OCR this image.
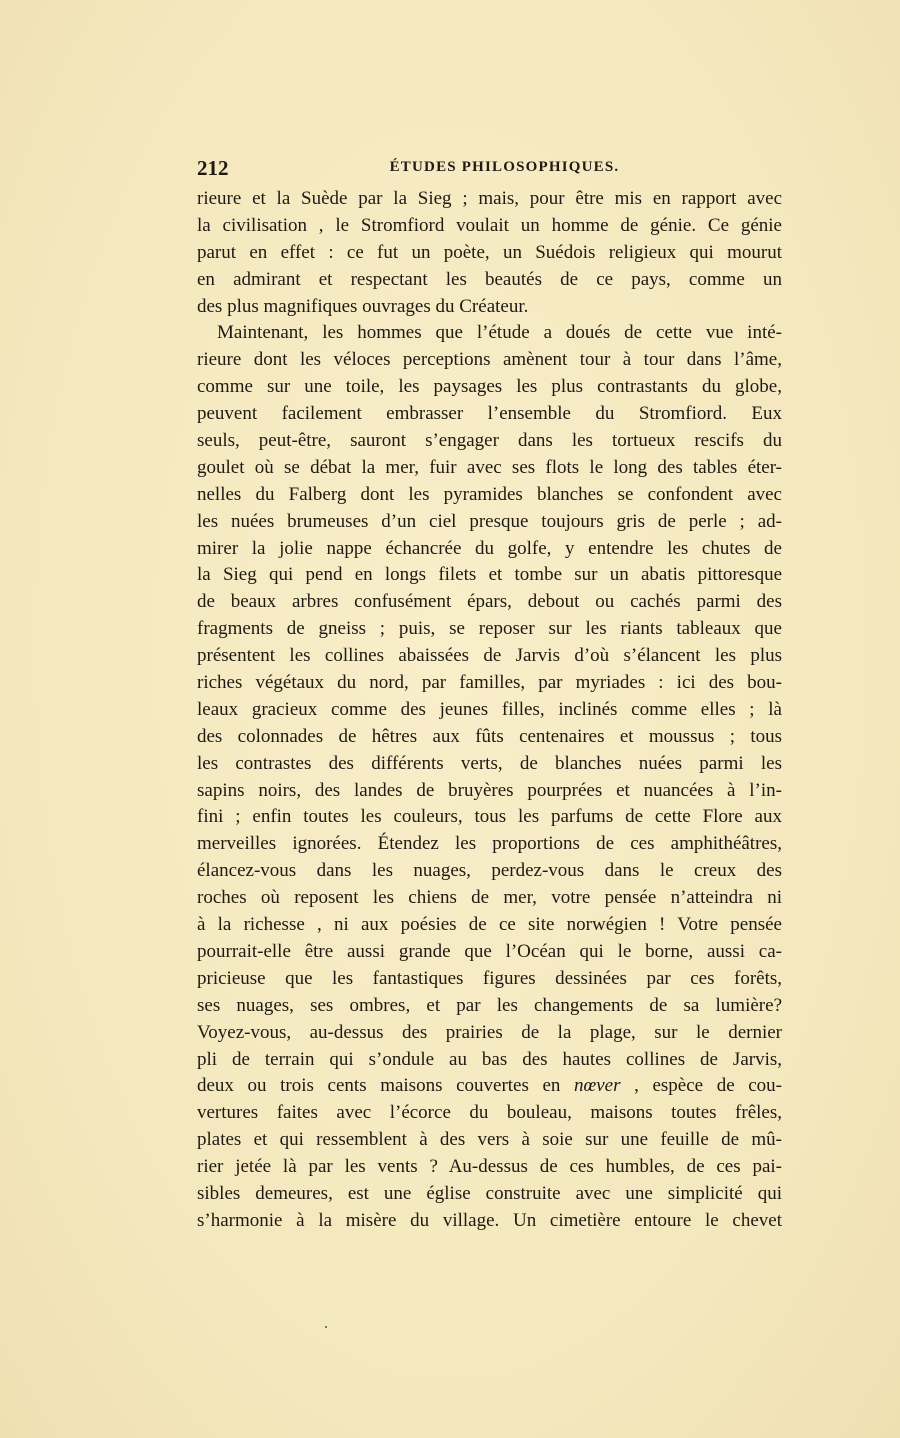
212	ÉTUDES PHILOSOPHIQUES.
rieure et la Suède par la Sieg ; mais, pour être mis en rapport avec
la civilisation , le Stromfiord voulait un homme de génie. Ce génie
parut en effet : ce fut un poète, un Suédois religieux qui mourut
en admirant et respectant les beautés de ce pays, comme un
des plus magnifiques ouvrages du Créateur.
Maintenant, les hommes que l’étude a doués de cette vue inté-
rieure dont les véloces perceptions amènent tour à tour dans l’âme,
comme sur une toile, les paysages les plus contrastants du globe,
peuvent facilement embrasser l’ensemble du Stromfiord. Eux
seuls, peut-être, sauront s’engager dans les tortueux rescifs du
goulet où se débat la mer, fuir avec ses flots le long des tables éter-
nelles du Falberg dont les pyramides blanches se confondent avec
les nuées brumeuses d’un ciel presque toujours gris de perle ; ad-
mirer la jolie nappe échancrée du golfe, y entendre les chutes de
la Sieg qui pend en longs filets et tombe sur un abatis pittoresque
de beaux arbres confusément épars, debout ou cachés parmi des
fragments de gneiss ; puis, se reposer sur les riants tableaux que
présentent les collines abaissées de Jarvis d’où s’élancent les plus
riches végétaux du nord, par familles, par myriades : ici des bou-
leaux gracieux comme des jeunes filles, inclinés comme elles ; là
des colonnades de hêtres aux fûts centenaires et moussus ; tous
les contrastes des différents verts, de blanches nuées parmi les
sapins noirs, des landes de bruyères pourprées et nuancées à l’in-
fini ; enfin toutes les couleurs, tous les parfums de cette Flore aux
merveilles ignorées. Étendez les proportions de ces amphithéâtres,
élancez-vous dans les nuages, perdez-vous dans le creux des
roches où reposent les chiens de mer, votre pensée n’atteindra ni
à la richesse , ni aux poésies de ce site norwégien ! Votre pensée
pourrait-elle être aussi grande que l’Océan qui le borne, aussi ca-
pricieuse que les fantastiques figures dessinées par ces forêts,
ses nuages, ses ombres, et par les changements de sa lumière?
Voyez-vous, au-dessus des prairies de la plage, sur le dernier
pli de terrain qui s’ondule au bas des hautes collines de Jarvis,
deux ou trois cents maisons couvertes en nœver , espèce de cou-
vertures faites avec l’écorce du bouleau, maisons toutes frêles,
plates et qui ressemblent à des vers à soie sur une feuille de mû-
rier jetée là par les vents ? Au-dessus de ces humbles, de ces pai-
sibles demeures, est une église construite avec une simplicité qui
s’harmonie à la misère du village. Un cimetière entoure le chevet
